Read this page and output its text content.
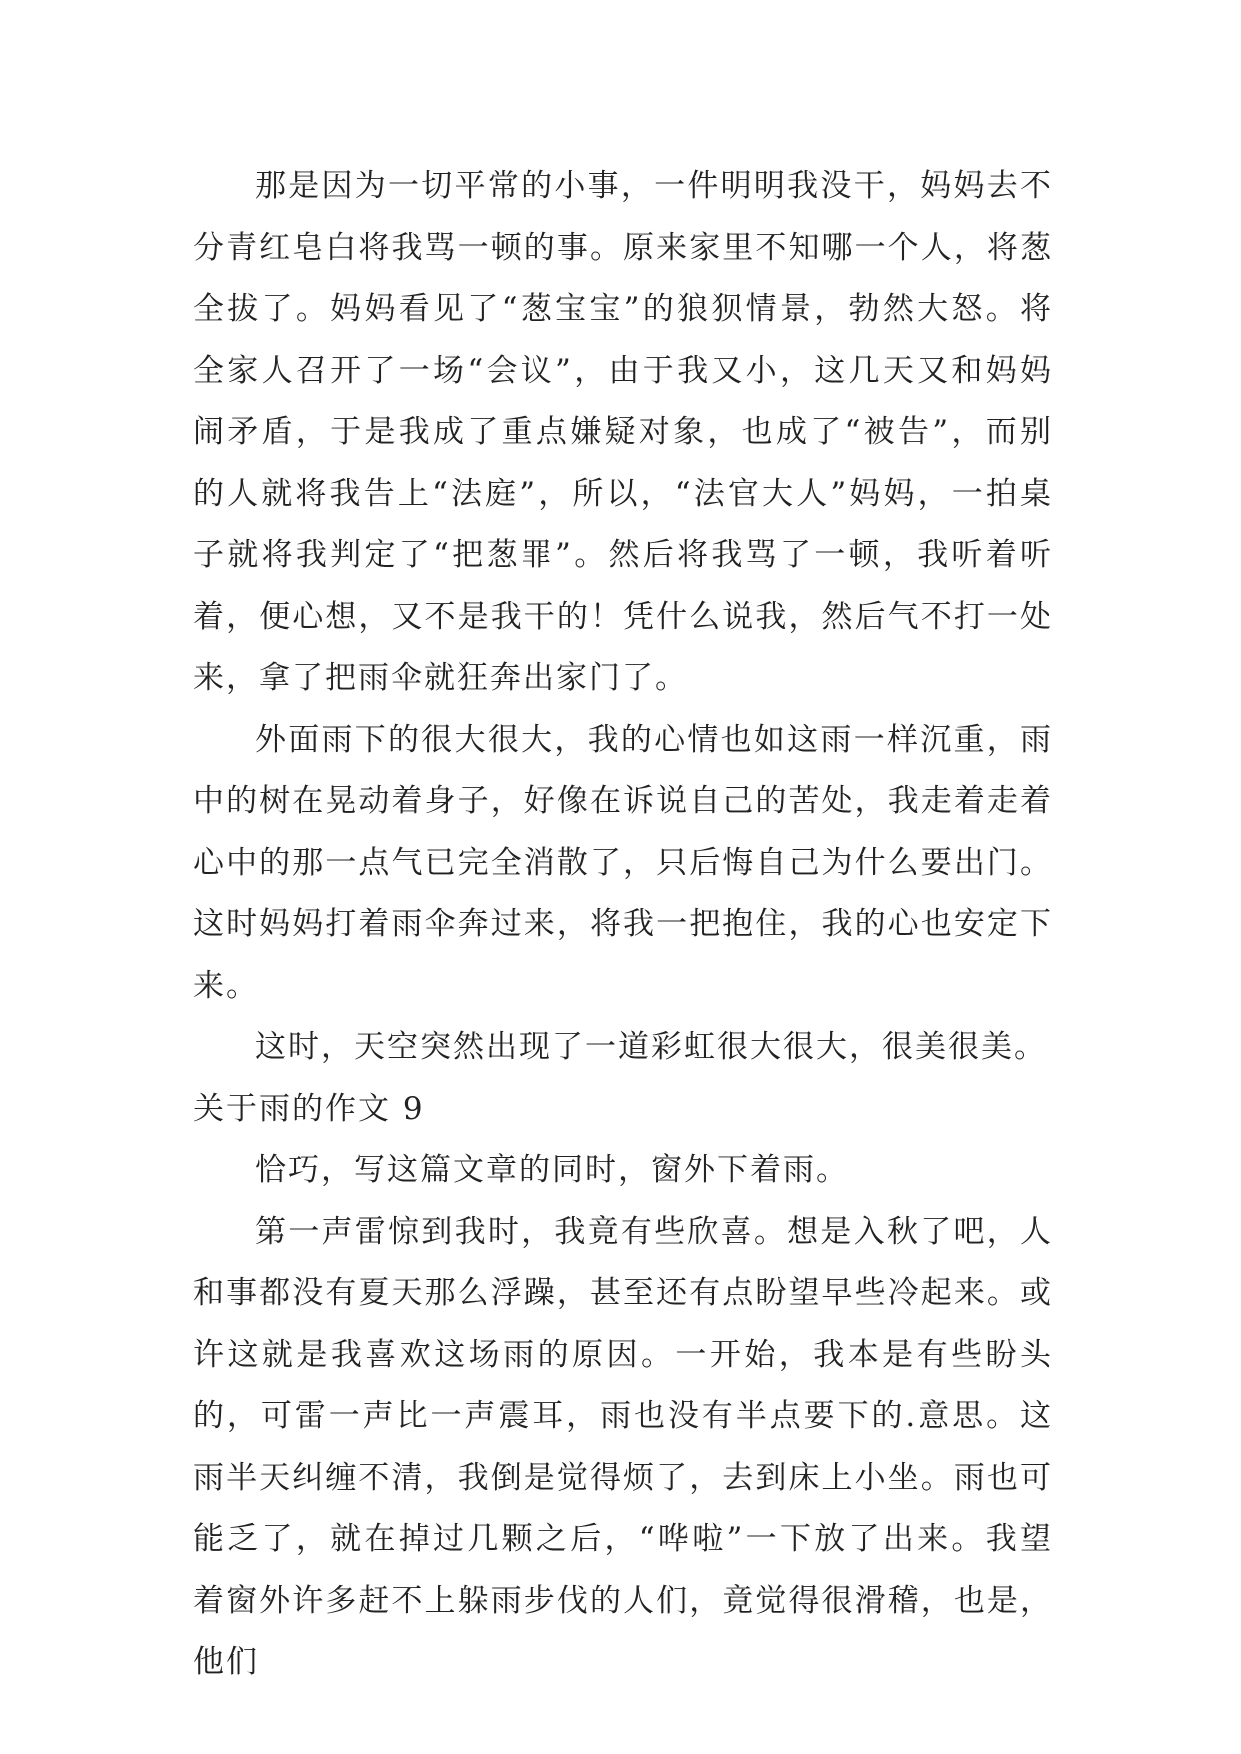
那是因为一切平常的小事，一件明明我没干，妈妈去不分青红皂白将我骂一顿的事。原来家里不知哪一个人，将葱全拔了。妈妈看见了“葱宝宝”的狼狈情景，勃然大怒。将全家人召开了一场“会议”，由于我又小，这几天又和妈妈闹矛盾，于是我成了重点嫌疑对象，也成了“被告”，而别的人就将我告上“法庭”，所以，“法官大人”妈妈，一拍桌子就将我判定了“把葱罪”。然后将我骂了一顿，我听着听着，便心想，又不是我干的！凭什么说我，然后气不打一处来，拿了把雨伞就狂奔出家门了。

外面雨下的很大很大，我的心情也如这雨一样沉重，雨中的树在晃动着身子，好像在诉说自己的苦处，我走着走着心中的那一点气已完全消散了，只后悔自己为什么要出门。这时妈妈打着雨伞奔过来，将我一把抱住，我的心也安定下来。

这时，天空突然出现了一道彩虹很大很大，很美很美。

关于雨的作文 9

恰巧，写这篇文章的同时，窗外下着雨。

第一声雷惊到我时，我竟有些欣喜。想是入秋了吧，人和事都没有夏天那么浮躁，甚至还有点盼望早些冷起来。或许这就是我喜欢这场雨的原因。一开始，我本是有些盼头的，可雷一声比一声震耳，雨也没有半点要下的.意思。这雨半天纠缠不清，我倒是觉得烦了，去到床上小坐。雨也可能乏了，就在掉过几颗之后，“哗啦”一下放了出来。我望着窗外许多赶不上躲雨步伐的人们，竟觉得很滑稽，也是，他们
